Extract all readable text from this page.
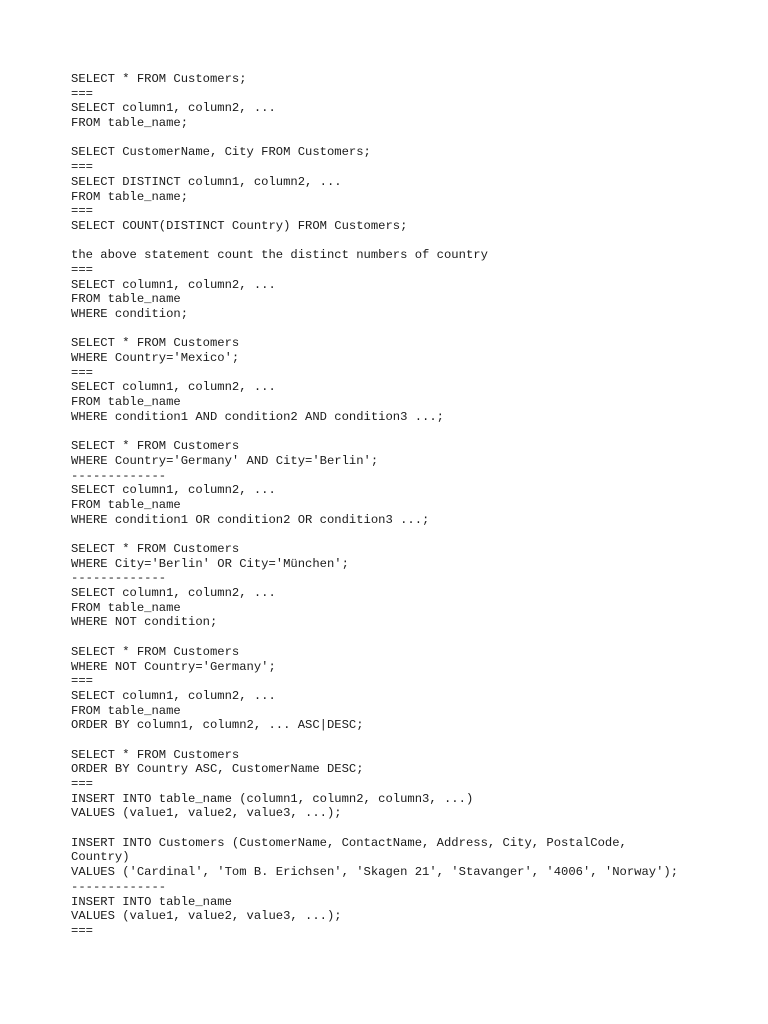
SELECT * FROM Customers;
===
SELECT column1, column2, ...
FROM table_name;
SELECT CustomerName, City FROM Customers;
===
SELECT DISTINCT column1, column2, ...
FROM table_name;
===
SELECT COUNT(DISTINCT Country) FROM Customers;
the above statement count the distinct numbers of country
===
SELECT column1, column2, ...
FROM table_name
WHERE condition;
SELECT * FROM Customers
WHERE Country='Mexico';
===
SELECT column1, column2, ...
FROM table_name
WHERE condition1 AND condition2 AND condition3 ...;
SELECT * FROM Customers
WHERE Country='Germany' AND City='Berlin';
-------------
SELECT column1, column2, ...
FROM table_name
WHERE condition1 OR condition2 OR condition3 ...;
SELECT * FROM Customers
WHERE City='Berlin' OR City='München';
-------------
SELECT column1, column2, ...
FROM table_name
WHERE NOT condition;
SELECT * FROM Customers
WHERE NOT Country='Germany';
===
SELECT column1, column2, ...
FROM table_name
ORDER BY column1, column2, ... ASC|DESC;
SELECT * FROM Customers
ORDER BY Country ASC, CustomerName DESC;
===
INSERT INTO table_name (column1, column2, column3, ...)
VALUES (value1, value2, value3, ...);
INSERT INTO Customers (CustomerName, ContactName, Address, City, PostalCode,
Country)
VALUES ('Cardinal', 'Tom B. Erichsen', 'Skagen 21', 'Stavanger', '4006', 'Norway');
-------------
INSERT INTO table_name
VALUES (value1, value2, value3, ...);
===
